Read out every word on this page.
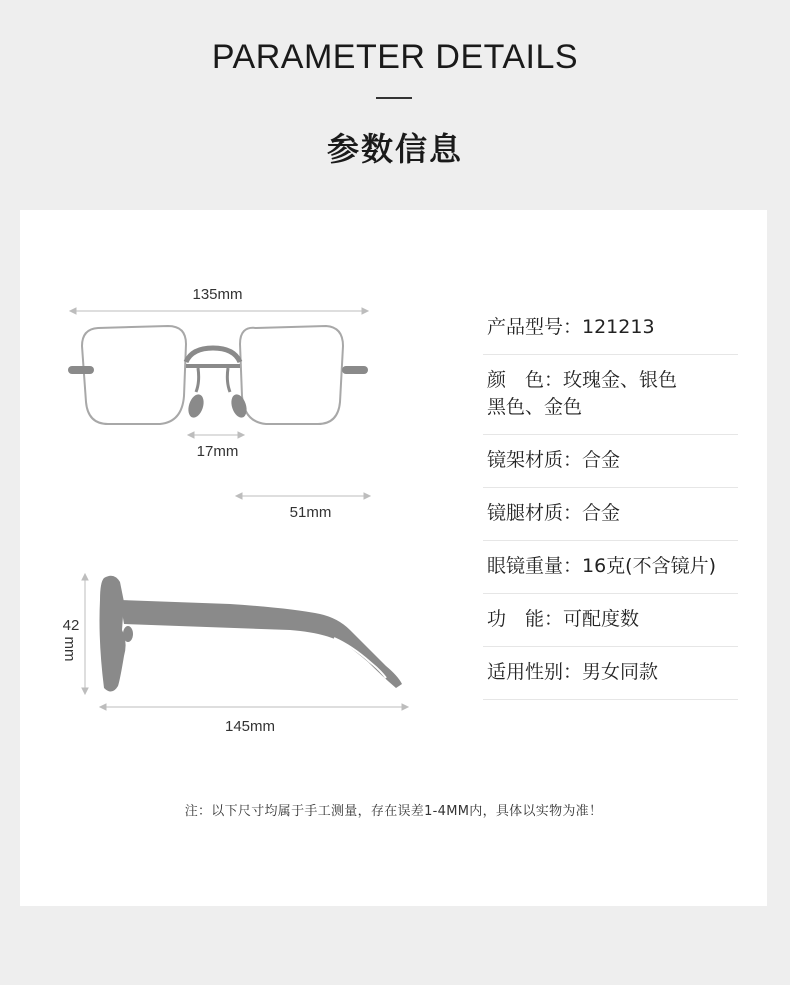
PARAMETER DETAILS
参数信息
135mm
17mm
51mm
42
mm
145mm
产品型号：121213
颜　色：玫瑰金、银色
黑色、金色
镜架材质：合金
镜腿材质：合金
眼镜重量：16克(不含镜片)
功　能：可配度数
适用性别：男女同款
注：以下尺寸均属于手工测量，存在误差1-4MM内，具体以实物为准！
